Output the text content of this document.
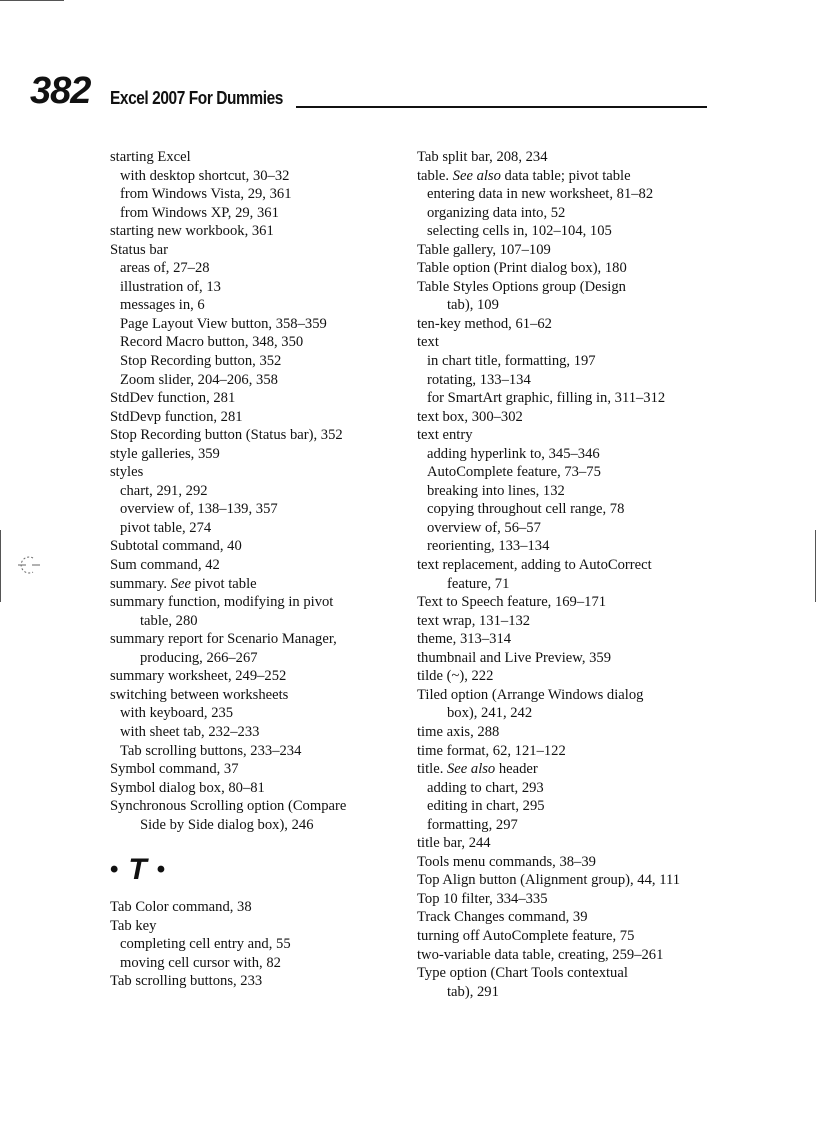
382 Excel 2007 For Dummies
starting Excel
with desktop shortcut, 30–32
from Windows Vista, 29, 361
from Windows XP, 29, 361
starting new workbook, 361
Status bar
areas of, 27–28
illustration of, 13
messages in, 6
Page Layout View button, 358–359
Record Macro button, 348, 350
Stop Recording button, 352
Zoom slider, 204–206, 358
StdDev function, 281
StdDevp function, 281
Stop Recording button (Status bar), 352
style galleries, 359
styles
chart, 291, 292
overview of, 138–139, 357
pivot table, 274
Subtotal command, 40
Sum command, 42
summary. See pivot table
summary function, modifying in pivot
table, 280
summary report for Scenario Manager,
producing, 266–267
summary worksheet, 249–252
switching between worksheets
with keyboard, 235
with sheet tab, 232–233
Tab scrolling buttons, 233–234
Symbol command, 37
Symbol dialog box, 80–81
Synchronous Scrolling option (Compare
Side by Side dialog box), 246
• T •
Tab Color command, 38
Tab key
completing cell entry and, 55
moving cell cursor with, 82
Tab scrolling buttons, 233
Tab split bar, 208, 234
table. See also data table; pivot table
entering data in new worksheet, 81–82
organizing data into, 52
selecting cells in, 102–104, 105
Table gallery, 107–109
Table option (Print dialog box), 180
Table Styles Options group (Design
tab), 109
ten-key method, 61–62
text
in chart title, formatting, 197
rotating, 133–134
for SmartArt graphic, filling in, 311–312
text box, 300–302
text entry
adding hyperlink to, 345–346
AutoComplete feature, 73–75
breaking into lines, 132
copying throughout cell range, 78
overview of, 56–57
reorienting, 133–134
text replacement, adding to AutoCorrect
feature, 71
Text to Speech feature, 169–171
text wrap, 131–132
theme, 313–314
thumbnail and Live Preview, 359
tilde (~), 222
Tiled option (Arrange Windows dialog
box), 241, 242
time axis, 288
time format, 62, 121–122
title. See also header
adding to chart, 293
editing in chart, 295
formatting, 297
title bar, 244
Tools menu commands, 38–39
Top Align button (Alignment group), 44, 111
Top 10 filter, 334–335
Track Changes command, 39
turning off AutoComplete feature, 75
two-variable data table, creating, 259–261
Type option (Chart Tools contextual
tab), 291
